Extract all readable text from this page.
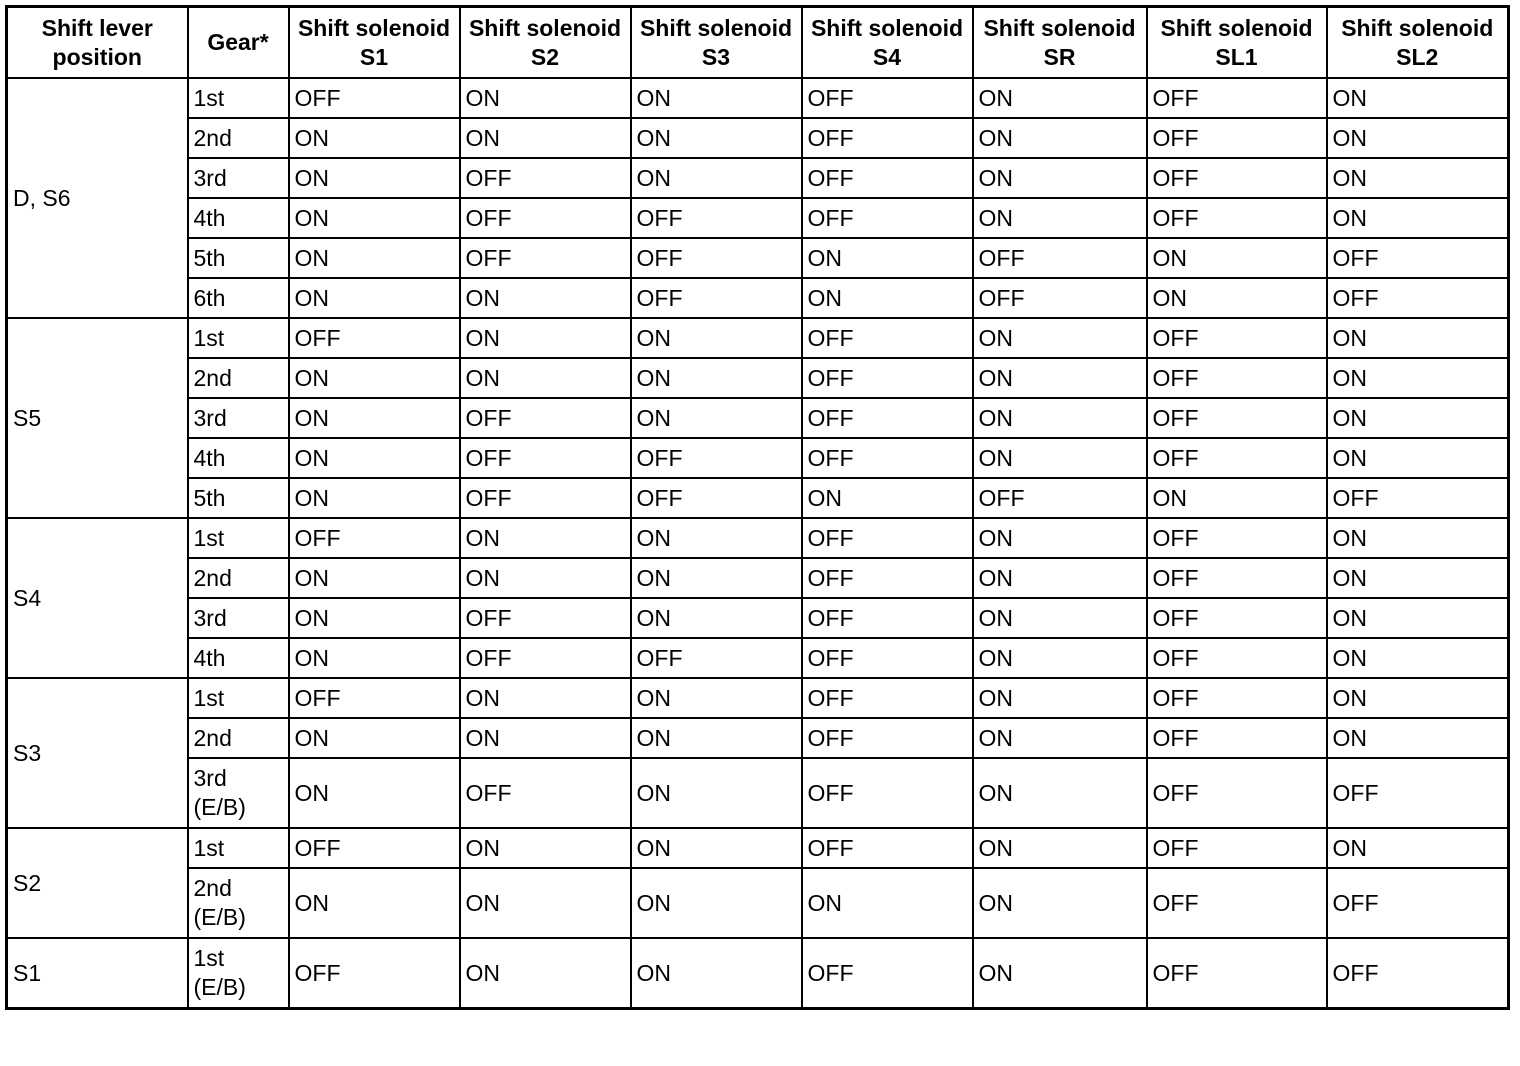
Shift lever position	Gear*	Shift solenoid S1	Shift solenoid S2	Shift solenoid S3	Shift solenoid S4	Shift solenoid SR	Shift solenoid SL1	Shift solenoid SL2
D, S6	1st	OFF	ON	ON	OFF	ON	OFF	ON
	2nd	ON	ON	ON	OFF	ON	OFF	ON
	3rd	ON	OFF	ON	OFF	ON	OFF	ON
	4th	ON	OFF	OFF	OFF	ON	OFF	ON
	5th	ON	OFF	OFF	ON	OFF	ON	OFF
	6th	ON	ON	OFF	ON	OFF	ON	OFF
S5	1st	OFF	ON	ON	OFF	ON	OFF	ON
	2nd	ON	ON	ON	OFF	ON	OFF	ON
	3rd	ON	OFF	ON	OFF	ON	OFF	ON
	4th	ON	OFF	OFF	OFF	ON	OFF	ON
	5th	ON	OFF	OFF	ON	OFF	ON	OFF
S4	1st	OFF	ON	ON	OFF	ON	OFF	ON
	2nd	ON	ON	ON	OFF	ON	OFF	ON
	3rd	ON	OFF	ON	OFF	ON	OFF	ON
	4th	ON	OFF	OFF	OFF	ON	OFF	ON
S3	1st	OFF	ON	ON	OFF	ON	OFF	ON
	2nd	ON	ON	ON	OFF	ON	OFF	ON
	3rd (E/B)	ON	OFF	ON	OFF	ON	OFF	OFF
S2	1st	OFF	ON	ON	OFF	ON	OFF	ON
	2nd (E/B)	ON	ON	ON	ON	ON	OFF	OFF
S1	1st (E/B)	OFF	ON	ON	OFF	ON	OFF	OFF
